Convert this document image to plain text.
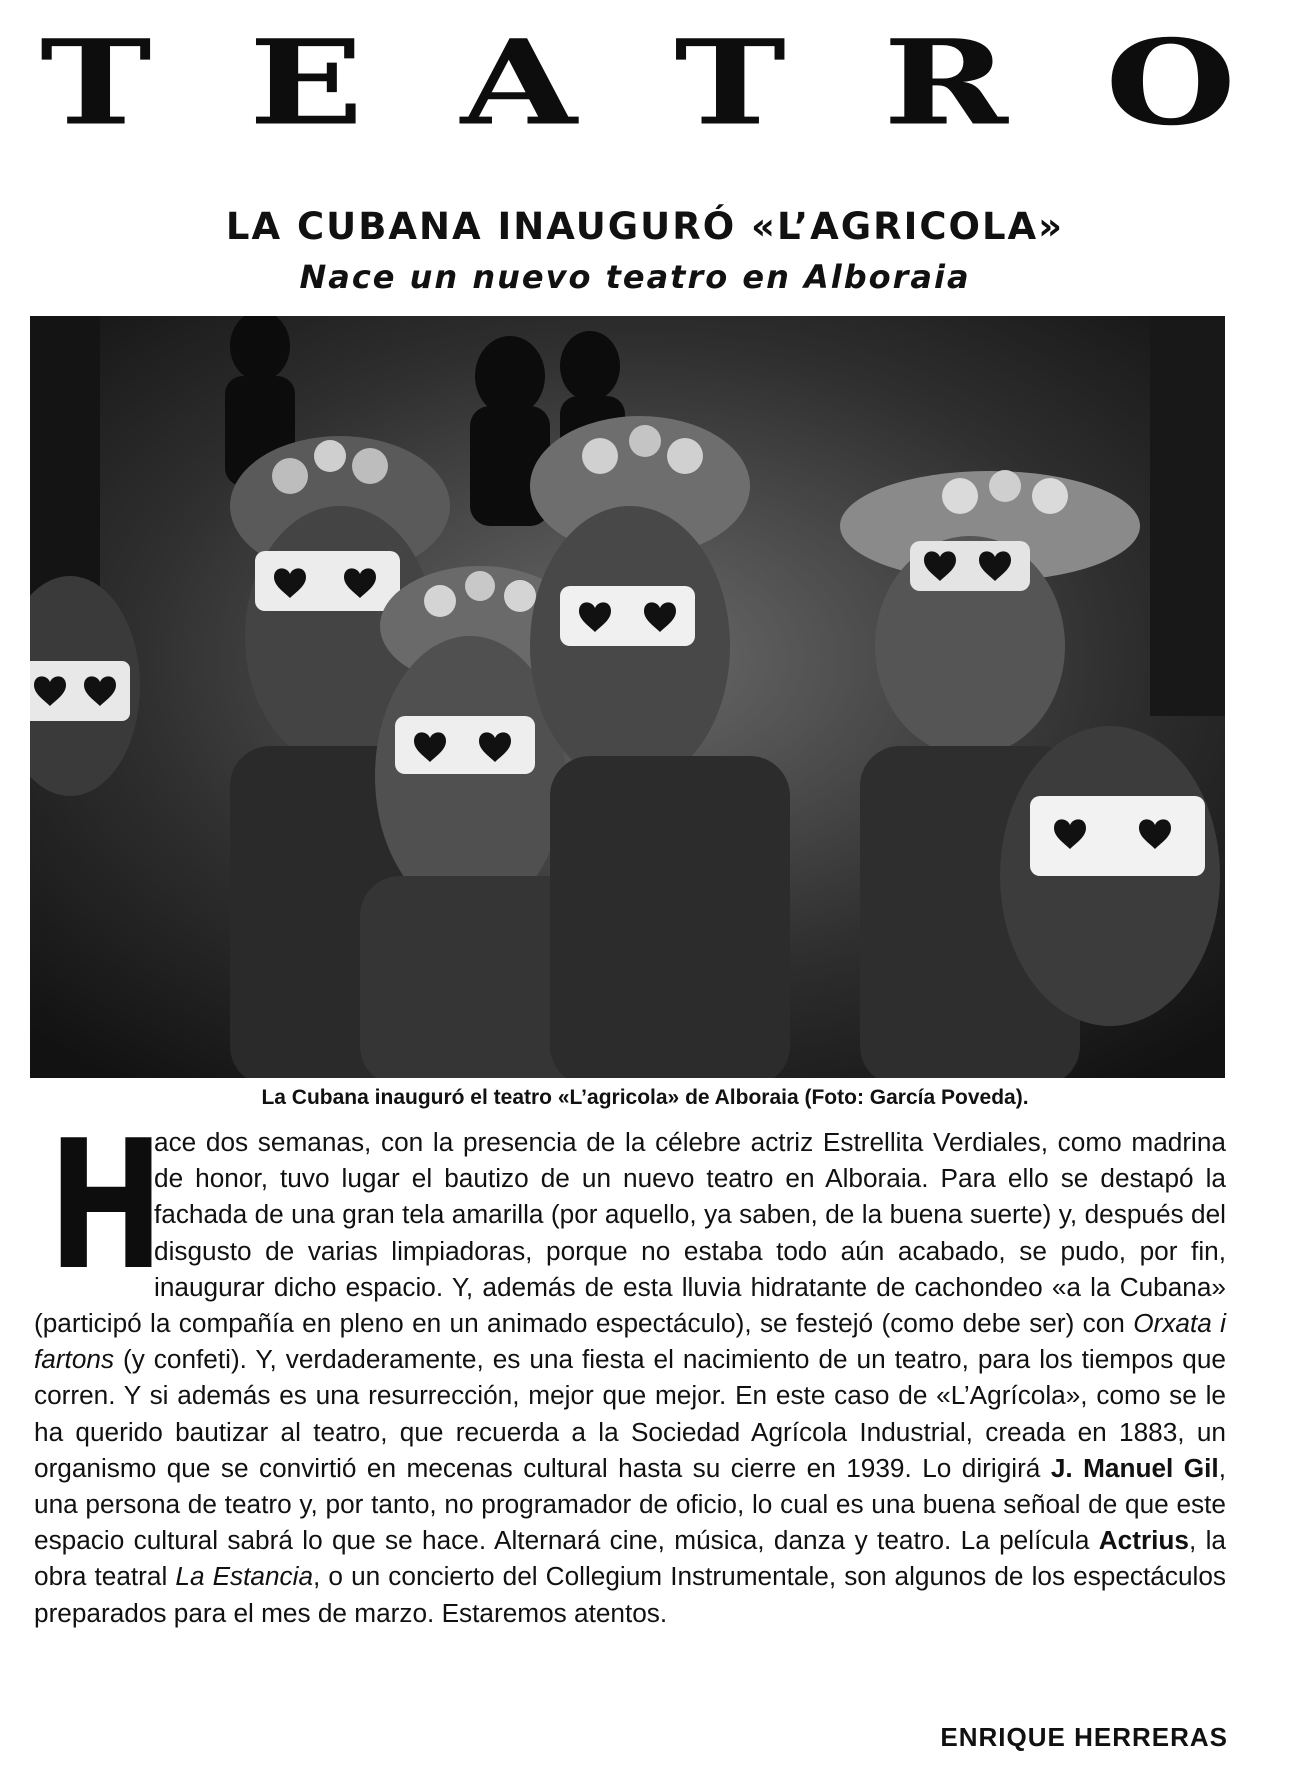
T E A T R O
LA CUBANA INAUGURÓ «L’AGRICOLA»
Nace un nuevo teatro en Alboraia
La Cubana inauguró el teatro «L’agricola» de Alboraia (Foto: García Poveda).
H
ace dos semanas, con la presencia de la célebre actriz Estrellita Verdiales, como madrina de honor, tuvo lugar el bautizo de un nuevo teatro en Alboraia. Para ello se destapó la fachada de una gran tela amarilla (por aquello, ya saben, de la buena suerte) y, después del disgusto de varias limpiadoras, porque no estaba todo aún acabado, se pudo, por fin, inaugurar dicho espacio. Y, además de esta lluvia hidratante de cachondeo «a la Cubana» (participó la compañía en pleno en un animado espectáculo), se festejó (como debe ser) con Orxata i fartons (y confeti). Y, verdaderamente, es una fiesta el nacimiento de un teatro, para los tiempos que corren. Y si además es una resurrección, mejor que mejor. En este caso de «L’Agrícola», como se le ha querido bautizar al teatro, que recuerda a la Sociedad Agrícola Industrial, creada en 1883, un organismo que se convirtió en mecenas cultural hasta su cierre en 1939. Lo dirigirá J. Manuel Gil, una persona de teatro y, por tanto, no programador de oficio, lo cual es una buena señoal de que este espacio cultural sabrá lo que se hace. Alternará cine, música, danza y teatro. La película Actrius, la obra teatral La Estancia, o un concierto del Collegium Instrumentale, son algunos de los espectáculos preparados para el mes de marzo. Estaremos atentos.
ENRIQUE HERRERAS
